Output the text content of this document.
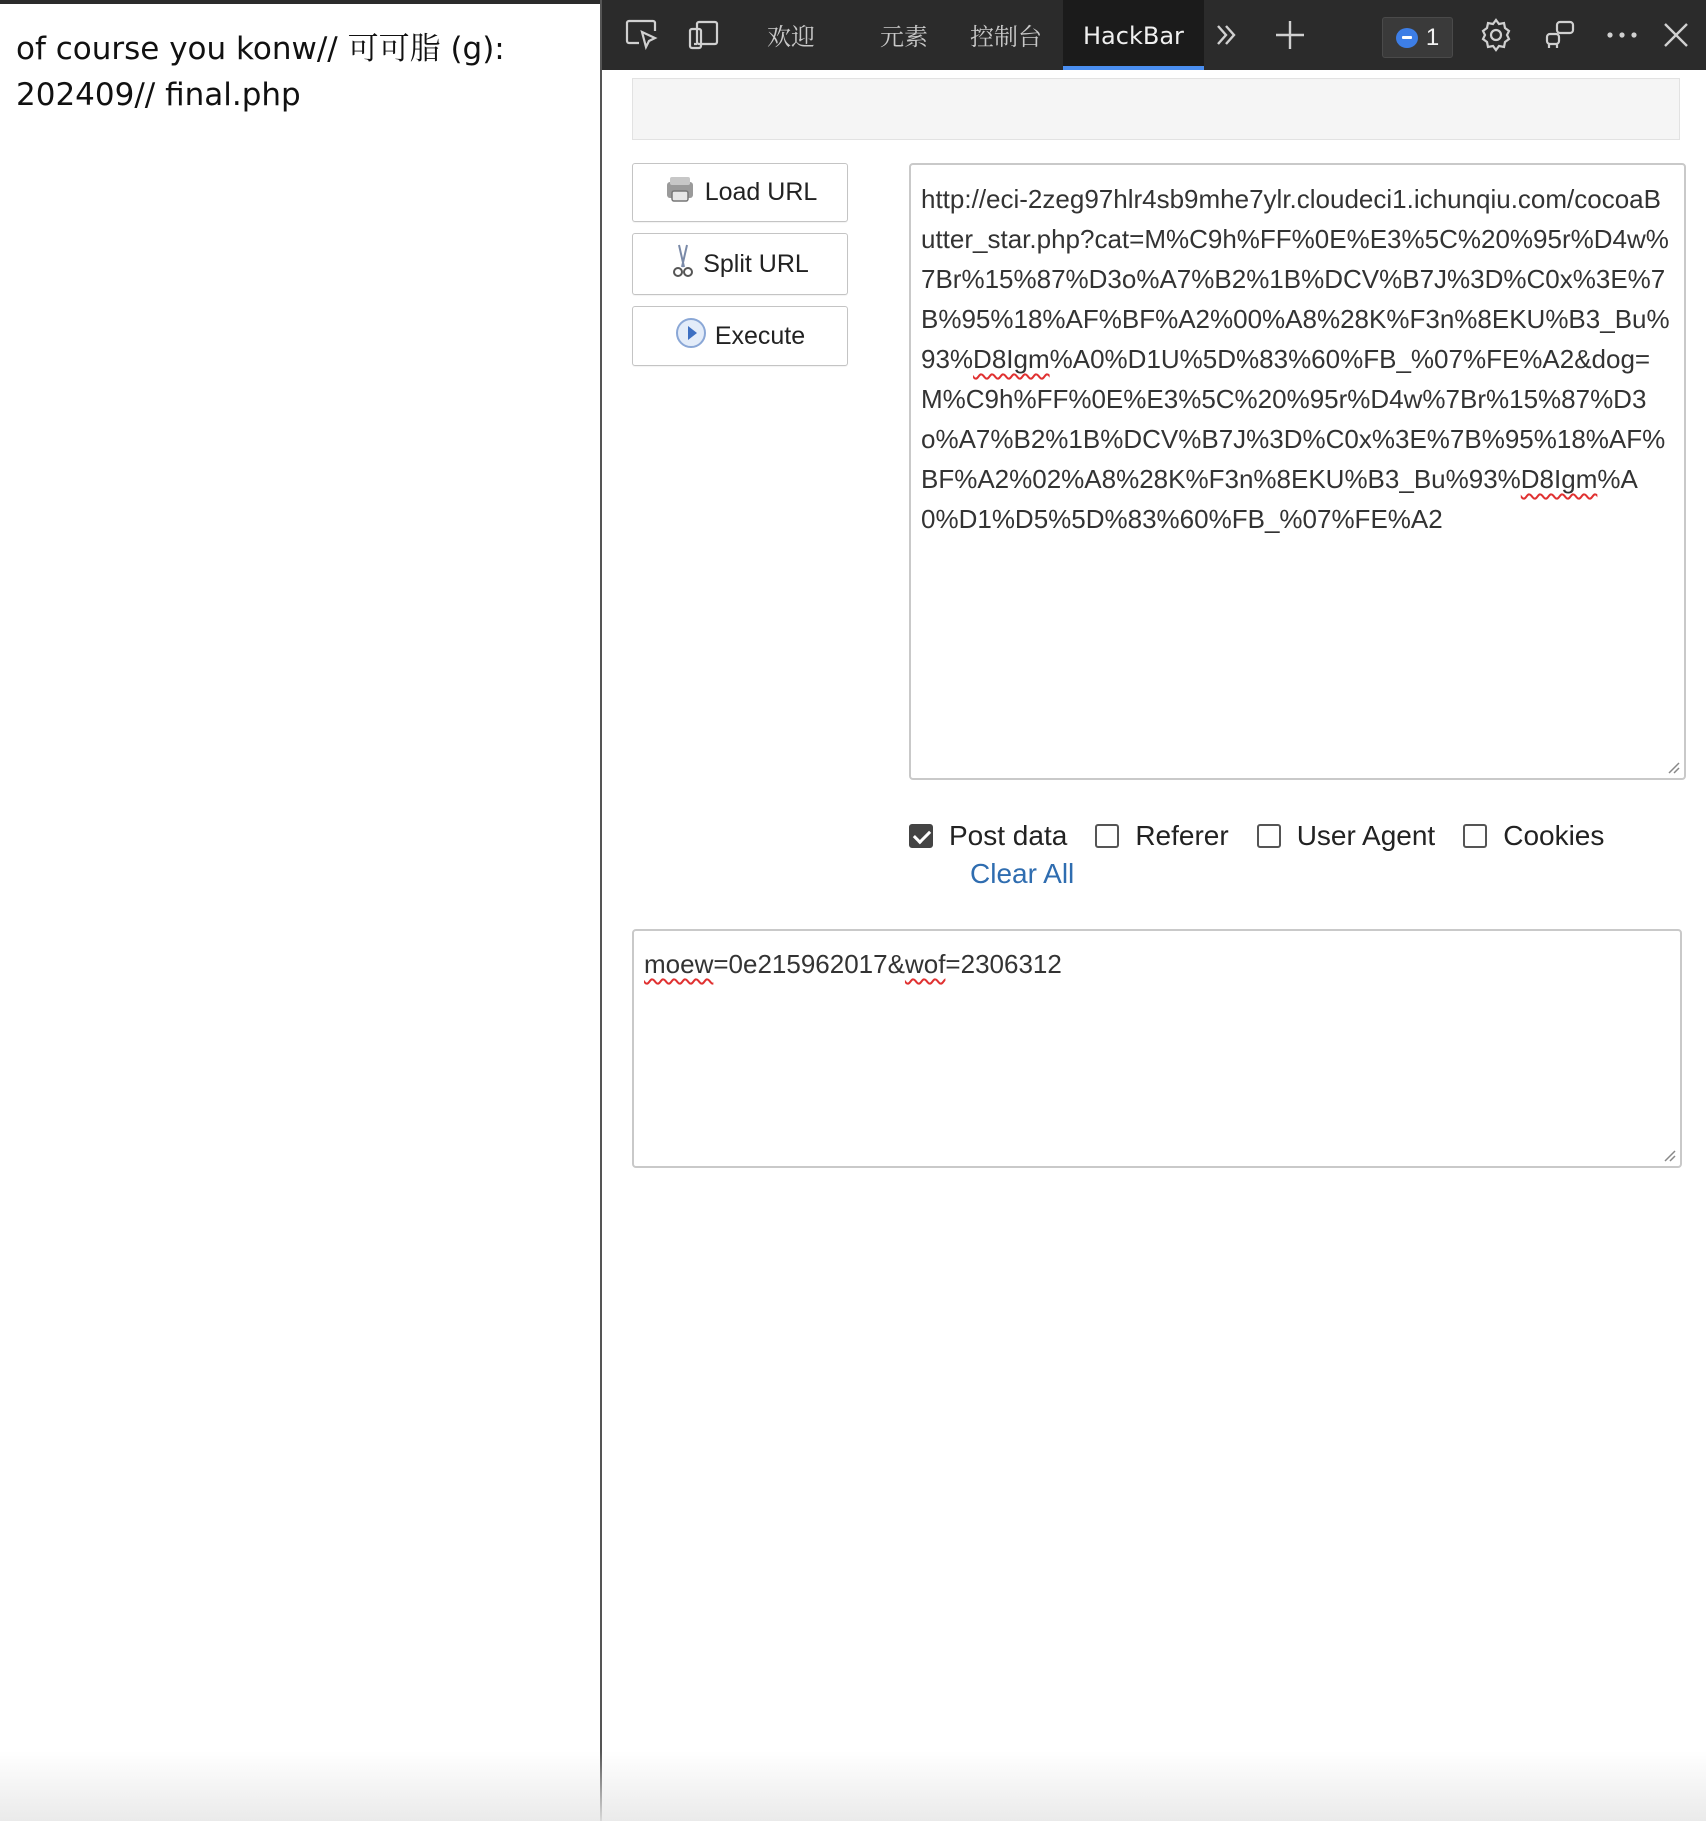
of course you konw// 可可脂 (g): 202409// final.php

欢迎	元素 控制台	HackBar	1
Load URL
Split URL
Execute
http://eci-2zeg97hlr4sb9mhe7ylr.cloudeci1.ichunqiu.com/cocoaButter_star.php?cat=M%C9h%FF%0E%E3%5C%20%95r%D4w%7Br%15%87%D3o%A7%B2%1B%DCV%B7J%3D%C0x%3E%7B%95%18%AF%BF%A2%00%A8%28K%F3n%8EKU%B3_Bu%93%D8Igm%A0%D1U%5D%83%60%FB_%07%FE%A2&dog=M%C9h%FF%0E%E3%5C%20%95r%D4w%7Br%15%87%D3o%A7%B2%1B%DCV%B7J%3D%C0x%3E%7B%95%18%AF%BF%A2%02%A8%28K%F3n%8EKU%B3_Bu%93%D8Igm%A0%D1%D5%5D%83%60%FB_%07%FE%A2
Post data Referer User Agent Cookies
Clear All
moew=0e215962017&wof=2306312
